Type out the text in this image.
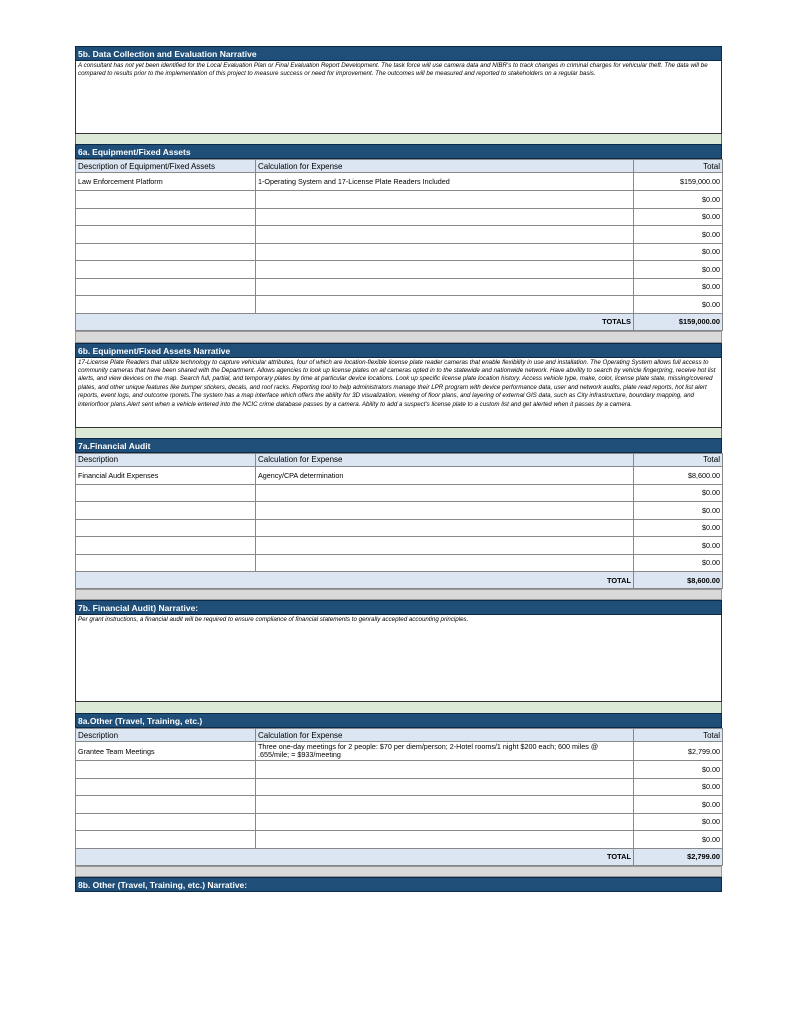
5b. Data Collection and Evaluation Narrative
A consultant has not yet been identified for the Local Evaluation Plan or Final Evaluation Report Development. The task force will use camera data and NIBR's to track changes in criminal charges for vehicular theft. The data will be compared to results prior to the implementation of this project to measure success or need for improvement. The outcomes will be measured and reported to stakeholders on a regular basis.
6a. Equipment/Fixed Assets
Description of Equipment/Fixed Assets	Calculation for Expense	Total
Law Enforcement Platform	1-Operating System and 17-License Plate Readers Included	$159,000.00
		$0.00
		$0.00
		$0.00
		$0.00
		$0.00
		$0.00
		$0.00
TOTALS		$159,000.00
6b. Equipment/Fixed Assets Narrative
17-License Plate Readers that utilize technology to capture vehicular attributes, four of which are location-flexible license plate reader cameras that enable flexibility in use and installation. The Operating System allows full access to community cameras that have been shared with the Department. Allows agencies to look up license plates on all cameras opted in to the statewide and nationwide network. Have abvility to search by vehicle fingerpring, receive hot list alerts, and view devices on the map. Search full, partial, and temporary plates by time at particular device locations. Look up specific license plate location history. Access vehicle type, make, color, license plate state, missing/covered plates, and other unique features like bumper stickers, decals, and roof racks. Reporting tool to help administrators manage their LPR program with device performance data, user and network audits, plate read reports, hot list alert reports, event logs, and outcome rporets.The system has a map interface which offers the ability for 3D visualization, viewing of floor plans, and layering of external GIS data, such as City infrastructure, boundary mapping, and interiorfloor plans.Alert sent when a vehicle entered into the NCIC crime database passes by a camera. Ability to add a suspect's license plate to a custom list and get alerted when it passes by a camera.
7a.Financial Audit
Description	Calculation for Expense	Total
Financial Audit Expenses	Agency/CPA determination	$8,600.00
		$0.00
		$0.00
		$0.00
		$0.00
		$0.00
TOTAL		$8,600.00
7b. Financial Audit) Narrative:
Per grant instructions, a financial audit will be required to ensure compliance of financial statements to genrally accepted accounting principles.
8a.Other (Travel, Training, etc.)
Description	Calculation for Expense	Total
Grantee Team Meetings	Three one-day meetings for 2 people: $70 per diem/person; 2-Hotel rooms/1 night $200 each; 600 miles @ .655/mile; = $933/meeting	$2,799.00
		$0.00
		$0.00
		$0.00
		$0.00
		$0.00
TOTAL		$2,799.00
8b. Other (Travel, Training, etc.) Narrative:
